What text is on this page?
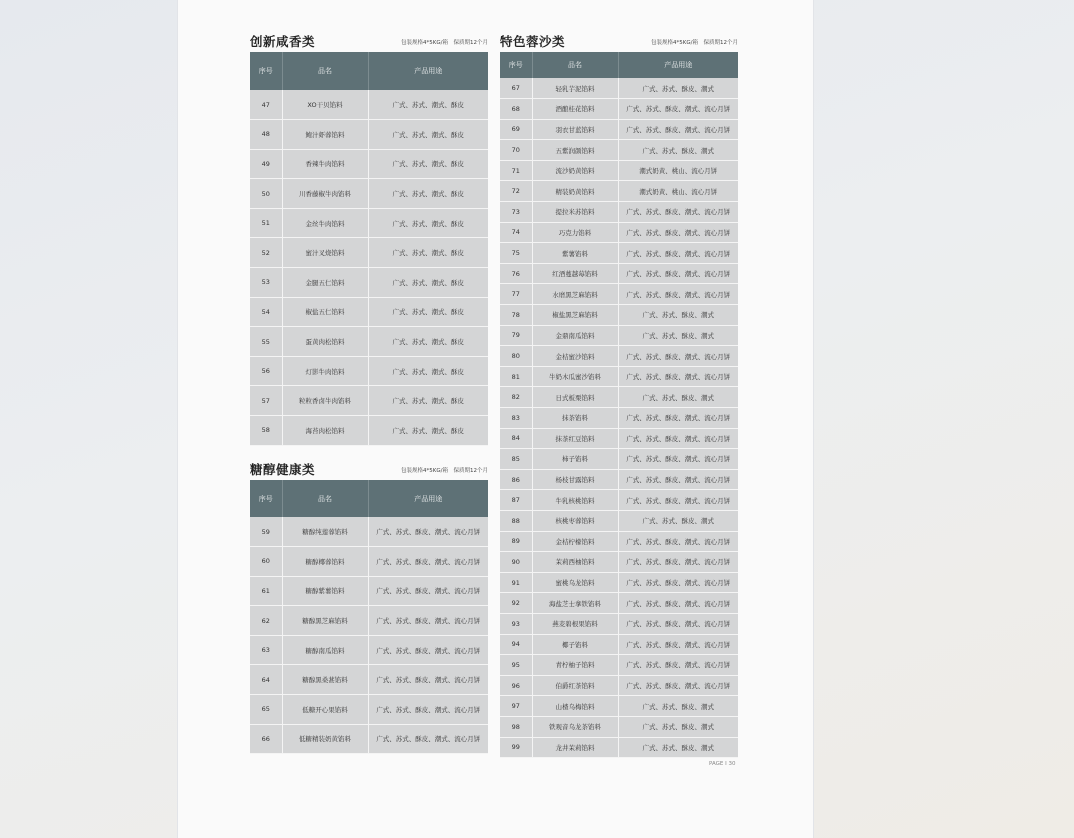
创新咸香类	包装规格4*5KG/箱　保质期12个月
序号	品名	产品用途
47	XO干贝馅料	广式、苏式、潮式、酥皮
48	鲍汁虾蓉馅料	广式、苏式、潮式、酥皮
49	香辣牛肉馅料	广式、苏式、潮式、酥皮
50	川香藤椒牛肉馅料	广式、苏式、潮式、酥皮
51	金丝牛肉馅料	广式、苏式、潮式、酥皮
52	蜜汁叉烧馅料	广式、苏式、潮式、酥皮
53	金腿五仁馅料	广式、苏式、潮式、酥皮
54	椒盐五仁馅料	广式、苏式、潮式、酥皮
55	蛋黄肉松馅料	广式、苏式、潮式、酥皮
56	灯影牛肉馅料	广式、苏式、潮式、酥皮
57	粒粒香卤牛肉馅料	广式、苏式、潮式、酥皮
58	海苔肉松馅料	广式、苏式、潮式、酥皮
糖醇健康类	包装规格4*5KG/箱　保质期12个月
序号	品名	产品用途
59	糖醇纯莲蓉馅料	广式、苏式、酥皮、潮式、流心月饼
60	糖醇椰蓉馅料	广式、苏式、酥皮、潮式、流心月饼
61	糖醇紫薯馅料	广式、苏式、酥皮、潮式、流心月饼
62	糖醇黑芝麻馅料	广式、苏式、酥皮、潮式、流心月饼
63	糖醇南瓜馅料	广式、苏式、酥皮、潮式、流心月饼
64	糖醇黑桑葚馅料	广式、苏式、酥皮、潮式、流心月饼
65	低糖开心果馅料	广式、苏式、酥皮、潮式、流心月饼
66	低糖精装奶黄馅料	广式、苏式、酥皮、潮式、流心月饼
特色蓉沙类	包装规格4*5KG/箱　保质期12个月
序号	品名	产品用途
67	轻乳芋泥馅料	广式、苏式、酥皮、潮式
68	酒酿桂花馅料	广式、苏式、酥皮、潮式、流心月饼
69	羽衣甘蓝馅料	广式、苏式、酥皮、潮式、流心月饼
70	五紫润颜馅料	广式、苏式、酥皮、潮式
71	流沙奶黄馅料	潮式奶黄、桃山、流心月饼
72	精装奶黄馅料	潮式奶黄、桃山、流心月饼
73	提拉米苏馅料	广式、苏式、酥皮、潮式、流心月饼
74	巧克力馅料	广式、苏式、酥皮、潮式、流心月饼
75	紫薯馅料	广式、苏式、酥皮、潮式、流心月饼
76	红酒蔓越莓馅料	广式、苏式、酥皮、潮式、流心月饼
77	水磨黑芝麻馅料	广式、苏式、酥皮、潮式、流心月饼
78	椒盐黑芝麻馅料	广式、苏式、酥皮、潮式
79	金鼎南瓜馅料	广式、苏式、酥皮、潮式
80	金桔蜜沙馅料	广式、苏式、酥皮、潮式、流心月饼
81	牛奶木瓜蜜沙馅料	广式、苏式、酥皮、潮式、流心月饼
82	日式板栗馅料	广式、苏式、酥皮、潮式
83	抹茶馅料	广式、苏式、酥皮、潮式、流心月饼
84	抹茶红豆馅料	广式、苏式、酥皮、潮式、流心月饼
85	柿子馅料	广式、苏式、酥皮、潮式、流心月饼
86	杨枝甘露馅料	广式、苏式、酥皮、潮式、流心月饼
87	牛乳核桃馅料	广式、苏式、酥皮、潮式、流心月饼
88	核桃枣蓉馅料	广式、苏式、酥皮、潮式
89	金桔柠檬馅料	广式、苏式、酥皮、潮式、流心月饼
90	茉莉西柚馅料	广式、苏式、酥皮、潮式、流心月饼
91	蜜桃乌龙馅料	广式、苏式、酥皮、潮式、流心月饼
92	海盐芝士拿铁馅料	广式、苏式、酥皮、潮式、流心月饼
93	燕麦碧根果馅料	广式、苏式、酥皮、潮式、流心月饼
94	椰子馅料	广式、苏式、酥皮、潮式、流心月饼
95	青柠柚子馅料	广式、苏式、酥皮、潮式、流心月饼
96	伯爵红茶馅料	广式、苏式、酥皮、潮式、流心月饼
97	山楂乌梅馅料	广式、苏式、酥皮、潮式
98	铁观音乌龙茶馅料	广式、苏式、酥皮、潮式
99	龙井茉莉馅料	广式、苏式、酥皮、潮式
PAGE I 30
